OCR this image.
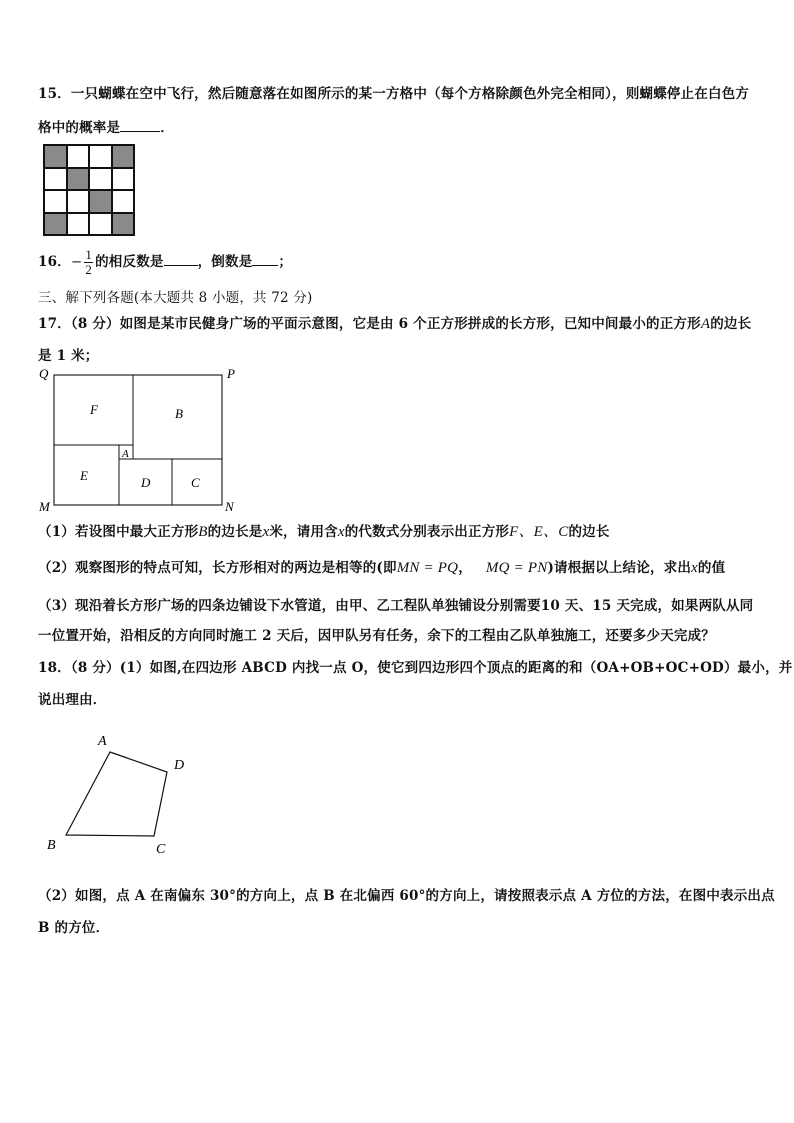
15．一只蝴蝶在空中飞行，然后随意落在如图所示的某一方格中（每个方格除颜色外完全相同），则蝴蝶停止在白色方
格中的概率是	．
16．− $\frac{1}{2}$ 的相反数是	，倒数是 ；
三、解下列各题(本大题共 8 小题，共 72 分)
17．（8 分）如图是某市民健身广场的平面示意图，它是由 6 个正方形拼成的长方形，已知中间最小的正方形A的边长
是 1 米；
Q	P
M	N
F	B
A
E	D	C
（1）若设图中最大正方形B的边长是x米，请用含x的代数式分别表示出正方形F、E、C的边长
（2）观察图形的特点可知，长方形相对的两边是相等的(即MN = PQ， MQ = PN)请根据以上结论，求出x的值
（3）现沿着长方形广场的四条边铺设下水管道，由甲、乙工程队单独铺设分别需要10 天、15 天完成，如果两队从同
一位置开始，沿相反的方向同时施工 2 天后，因甲队另有任务，余下的工程由乙队单独施工，还要多少天完成？
18．（8 分）(1）如图,在四边形 ABCD 内找一点 O，使它到四边形四个顶点的距离的和（OA+OB+OC+OD）最小，并
说出理由．
A
D
B	C
（2）如图，点 A 在南偏东 30°的方向上，点 B 在北偏西 60°的方向上，请按照表示点 A 方位的方法，在图中表示出点
B 的方位．
